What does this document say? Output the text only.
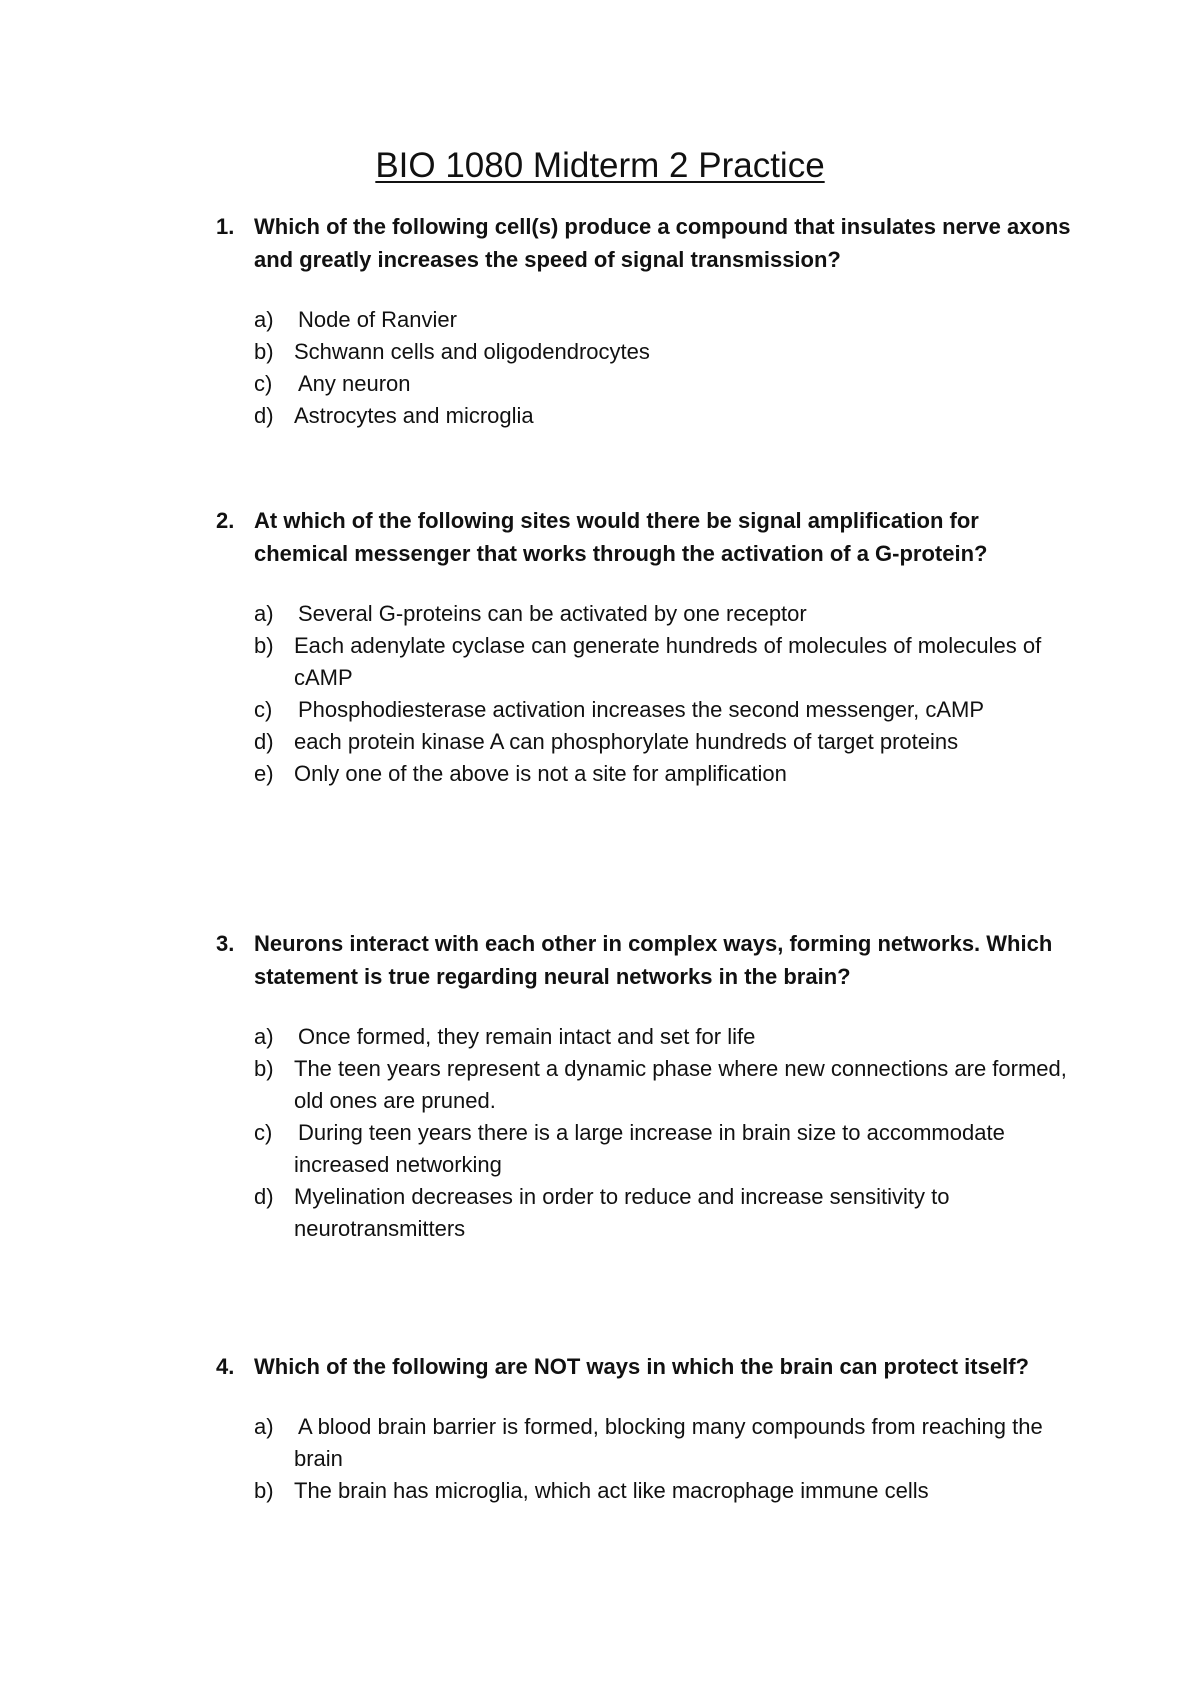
BIO 1080 Midterm 2 Practice

1. Which of the following cell(s) produce a compound that insulates nerve axons and greatly increases the speed of signal transmission?

a) Node of Ranvier
b) Schwann cells and oligodendrocytes
c) Any neuron
d) Astrocytes and microglia

2. At which of the following sites would there be signal amplification for chemical messenger that works through the activation of a G-protein?

a) Several G-proteins can be activated by one receptor
b) Each adenylate cyclase can generate hundreds of molecules of molecules of cAMP
c) Phosphodiesterase activation increases the second messenger, cAMP
d) each protein kinase A can phosphorylate hundreds of target proteins
e) Only one of the above is not a site for amplification

3. Neurons interact with each other in complex ways, forming networks. Which statement is true regarding neural networks in the brain?

a) Once formed, they remain intact and set for life
b) The teen years represent a dynamic phase where new connections are formed, old ones are pruned.
c) During teen years there is a large increase in brain size to accommodate increased networking
d) Myelination decreases in order to reduce and increase sensitivity to neurotransmitters

4. Which of the following are NOT ways in which the brain can protect itself?

a) A blood brain barrier is formed, blocking many compounds from reaching the brain
b) The brain has microglia, which act like macrophage immune cells
